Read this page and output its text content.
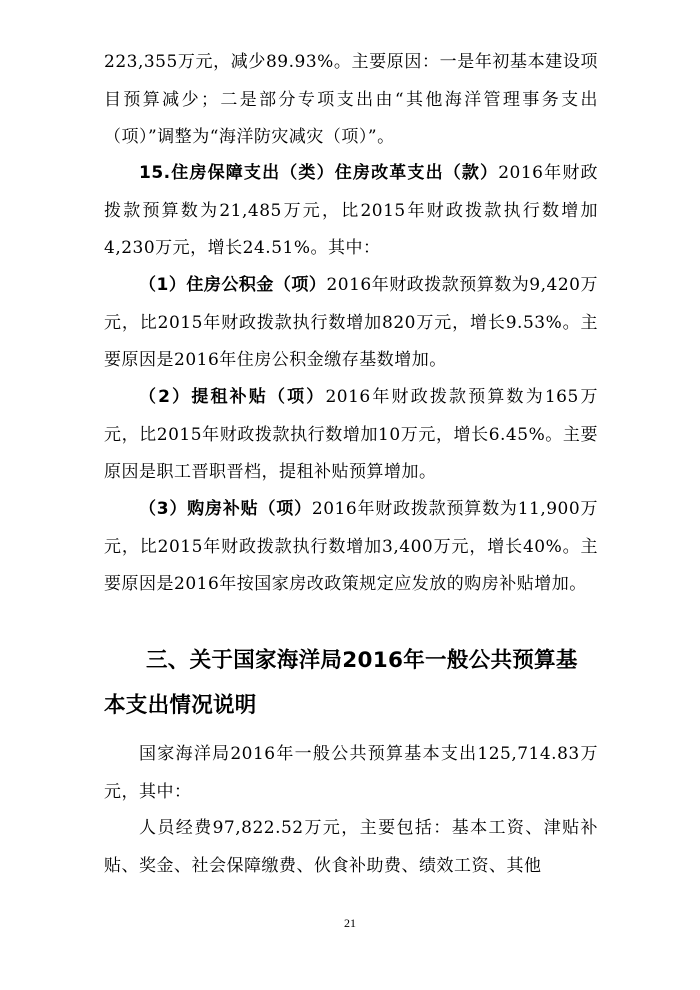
223,355万元，减少89.93%。主要原因：一是年初基本建设项目预算减少；二是部分专项支出由“其他海洋管理事务支出（项）”调整为“海洋防灾减灾（项）”。

15.住房保障支出（类）住房改革支出（款）2016年财政拨款预算数为21,485万元，比2015年财政拨款执行数增加4,230万元，增长24.51%。其中：

（1）住房公积金（项）2016年财政拨款预算数为9,420万元，比2015年财政拨款执行数增加820万元，增长9.53%。主要原因是2016年住房公积金缴存基数增加。

（2）提租补贴（项）2016年财政拨款预算数为165万元，比2015年财政拨款执行数增加10万元，增长6.45%。主要原因是职工晋职晋档，提租补贴预算增加。

（3）购房补贴（项）2016年财政拨款预算数为11,900万元，比2015年财政拨款执行数增加3,400万元，增长40%。主要原因是2016年按国家房改政策规定应发放的购房补贴增加。

三、关于国家海洋局2016年一般公共预算基本支出情况说明

国家海洋局2016年一般公共预算基本支出125,714.83万元，其中：

人员经费97,822.52万元，主要包括：基本工资、津贴补贴、奖金、社会保障缴费、伙食补助费、绩效工资、其他

21
